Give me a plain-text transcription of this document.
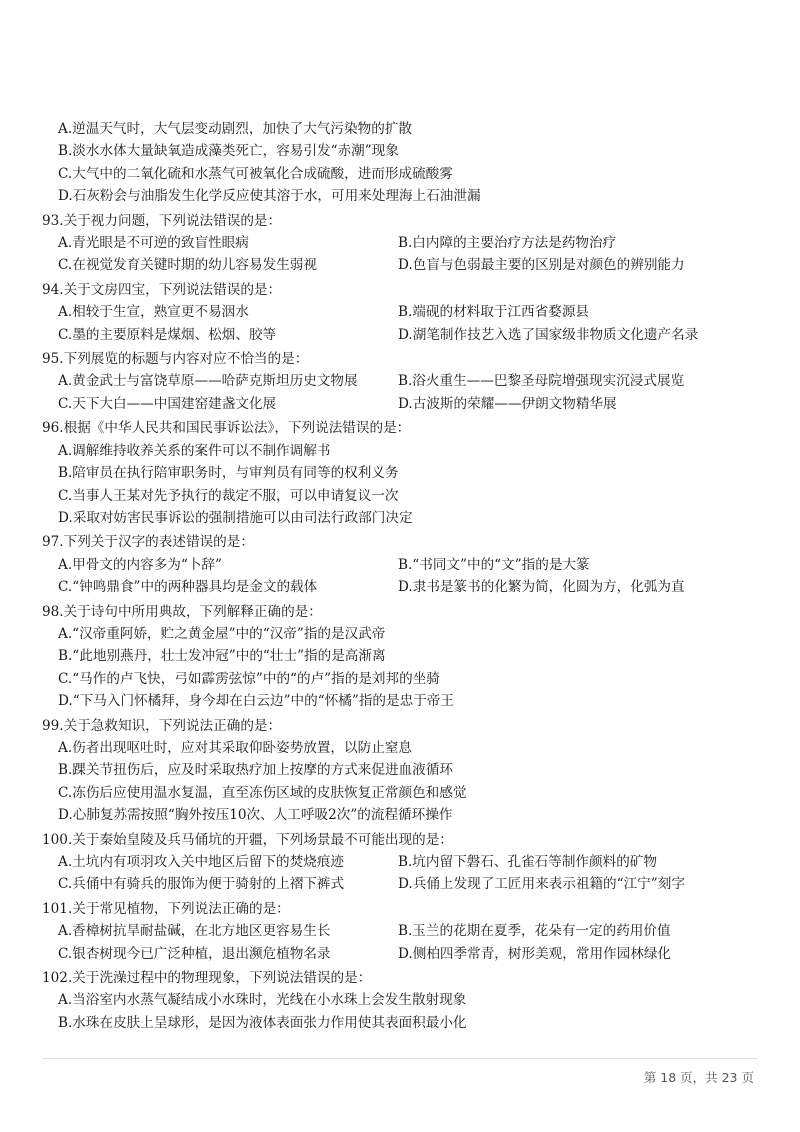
A.逆温天气时，大气层变动剧烈，加快了大气污染物的扩散
B.淡水水体大量缺氧造成藻类死亡，容易引发“赤潮”现象
C.大气中的二氧化硫和水蒸气可被氧化合成硫酸，进而形成硫酸雾
D.石灰粉会与油脂发生化学反应使其溶于水，可用来处理海上石油泄漏
93.关于视力问题，下列说法错误的是：
A.青光眼是不可逆的致盲性眼病	B.白内障的主要治疗方法是药物治疗
C.在视觉发育关键时期的幼儿容易发生弱视	D.色盲与色弱最主要的区别是对颜色的辨别能力
94.关于文房四宝，下列说法错误的是：
A.相较于生宣，熟宣更不易洇水	B.端砚的材料取于江西省婺源县
C.墨的主要原料是煤烟、松烟、胶等	D.湖笔制作技艺入选了国家级非物质文化遗产名录
95.下列展览的标题与内容对应不恰当的是：
A.黄金武士与富饶草原——哈萨克斯坦历史文物展	B.浴火重生——巴黎圣母院增强现实沉浸式展览
C.天下大白——中国建窑建盏文化展	D.古波斯的荣耀——伊朗文物精华展
96.根据《中华人民共和国民事诉讼法》，下列说法错误的是：
A.调解维持收养关系的案件可以不制作调解书
B.陪审员在执行陪审职务时，与审判员有同等的权利义务
C.当事人王某对先予执行的裁定不服，可以申请复议一次
D.采取对妨害民事诉讼的强制措施可以由司法行政部门决定
97.下列关于汉字的表述错误的是：
A.甲骨文的内容多为“卜辞”	B.“书同文”中的“文”指的是大篆
C.“钟鸣鼎食”中的两种器具均是金文的载体	D.隶书是篆书的化繁为简，化圆为方，化弧为直
98.关于诗句中所用典故，下列解释正确的是：
A.“汉帝重阿娇，贮之黄金屋”中的“汉帝”指的是汉武帝
B.“此地别燕丹，壮士发冲冠”中的“壮士”指的是高渐离
C.“马作的卢飞快，弓如霹雳弦惊”中的“的卢”指的是刘邦的坐骑
D.“下马入门怀橘拜，身今却在白云边”中的“怀橘”指的是忠于帝王
99.关于急救知识，下列说法正确的是：
A.伤者出现呕吐时，应对其采取仰卧姿势放置，以防止窒息
B.踝关节扭伤后，应及时采取热疗加上按摩的方式来促进血液循环
C.冻伤后应使用温水复温，直至冻伤区域的皮肤恢复正常颜色和感觉
D.心肺复苏需按照“胸外按压10次、人工呼吸2次”的流程循环操作
100.关于秦始皇陵及兵马俑坑的开疆，下列场景最不可能出现的是：
A.土坑内有项羽攻入关中地区后留下的焚烧痕迹	B.坑内留下磐石、孔雀石等制作颜料的矿物
C.兵俑中有骑兵的服饰为便于骑射的上褶下裤式	D.兵俑上发现了工匠用来表示祖籍的“江宁”刻字
101.关于常见植物，下列说法正确的是：
A.香樟树抗旱耐盐碱，在北方地区更容易生长	B.玉兰的花期在夏季，花朵有一定的药用价值
C.银杏树现今已广泛种植，退出濒危植物名录	D.侧柏四季常青，树形美观，常用作园林绿化
102.关于洗澡过程中的物理现象，下列说法错误的是：
A.当浴室内水蒸气凝结成小水珠时，光线在小水珠上会发生散射现象
B.水珠在皮肤上呈球形，是因为液体表面张力作用使其表面积最小化
第 18 页，共 23 页
